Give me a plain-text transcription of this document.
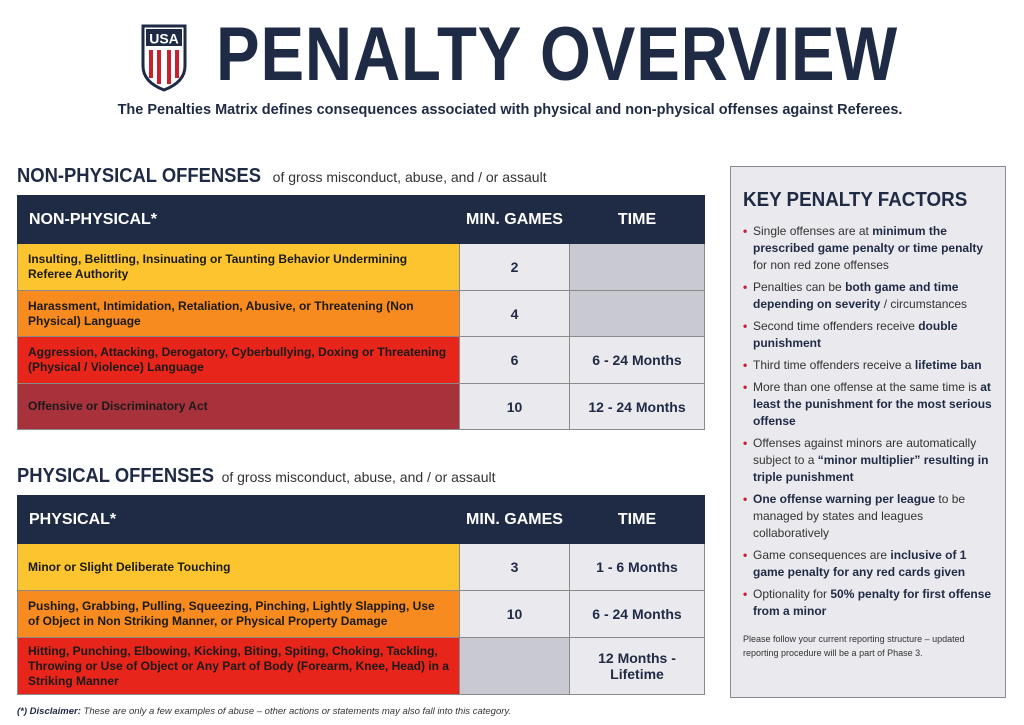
USA PENALTY OVERVIEW
The Penalties Matrix defines consequences associated with physical and non-physical offenses against Referees.
NON-PHYSICAL OFFENSES of gross misconduct, abuse, and / or assault
NON-PHYSICAL*	MIN. GAMES	TIME
Insulting, Belittling, Insinuating or Taunting Behavior Undermining Referee Authority	2	
Harassment, Intimidation, Retaliation, Abusive, or Threatening (Non Physical) Language	4	
Aggression, Attacking, Derogatory, Cyberbullying, Doxing or Threatening (Physical / Violence) Language	6	6 - 24 Months
Offensive or Discriminatory Act	10	12 - 24 Months
PHYSICAL OFFENSES of gross misconduct, abuse, and / or assault
PHYSICAL*	MIN. GAMES	TIME
Minor or Slight Deliberate Touching	3	1 - 6 Months
Pushing, Grabbing, Pulling, Squeezing, Pinching, Lightly Slapping, Use of Object in Non Striking Manner, or Physical Property Damage	10	6 - 24 Months
Hitting, Punching, Elbowing, Kicking, Biting, Spiting, Choking, Tackling, Throwing or Use of Object or Any Part of Body (Forearm, Knee, Head) in a Striking Manner		12 Months - Lifetime
KEY PENALTY FACTORS
• Single offenses are at minimum the prescribed game penalty or time penalty for non red zone offenses
• Penalties can be both game and time depending on severity / circumstances
• Second time offenders receive double punishment
• Third time offenders receive a lifetime ban
• More than one offense at the same time is at least the punishment for the most serious offense
• Offenses against minors are automatically subject to a “minor multiplier” resulting in triple punishment
• One offense warning per league to be managed by states and leagues collaboratively
• Game consequences are inclusive of 1 game penalty for any red cards given
• Optionality for 50% penalty for first offense from a minor
Please follow your current reporting structure – updated reporting procedure will be a part of Phase 3.
(*) Disclaimer: These are only a few examples of abuse – other actions or statements may also fall into this category.
